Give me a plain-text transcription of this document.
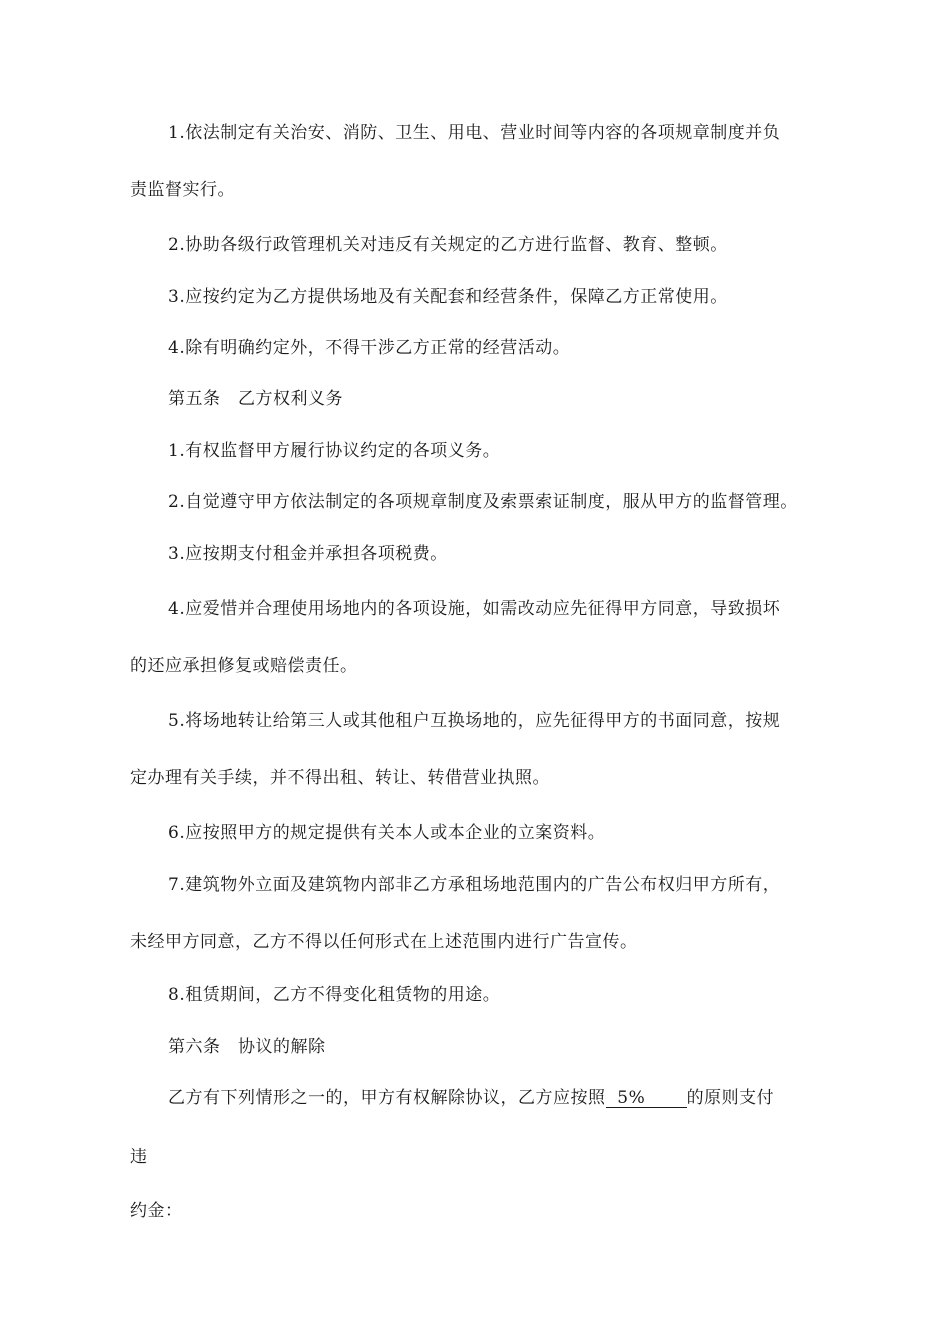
1.依法制定有关治安、消防、卫生、用电、营业时间等内容的各项规章制度并负
责监督实行。
2.协助各级行政管理机关对违反有关规定的乙方进行监督、教育、整顿。
3.应按约定为乙方提供场地及有关配套和经营条件，保障乙方正常使用。
4.除有明确约定外，不得干涉乙方正常的经营活动。
第五条　乙方权利义务
1.有权监督甲方履行协议约定的各项义务。
2.自觉遵守甲方依法制定的各项规章制度及索票索证制度，服从甲方的监督管理。
3.应按期支付租金并承担各项税费。
4.应爱惜并合理使用场地内的各项设施，如需改动应先征得甲方同意，导致损坏
的还应承担修复或赔偿责任。
5.将场地转让给第三人或其他租户互换场地的，应先征得甲方的书面同意，按规
定办理有关手续，并不得出租、转让、转借营业执照。
6.应按照甲方的规定提供有关本人或本企业的立案资料。
7.建筑物外立面及建筑物内部非乙方承租场地范围内的广告公布权归甲方所有，
未经甲方同意，乙方不得以任何形式在上述范围内进行广告宣传。
8.租赁期间，乙方不得变化租赁物的用途。
第六条　协议的解除
乙方有下列情形之一的，甲方有权解除协议，乙方应按照  5%       的原则支付
违
约金：
